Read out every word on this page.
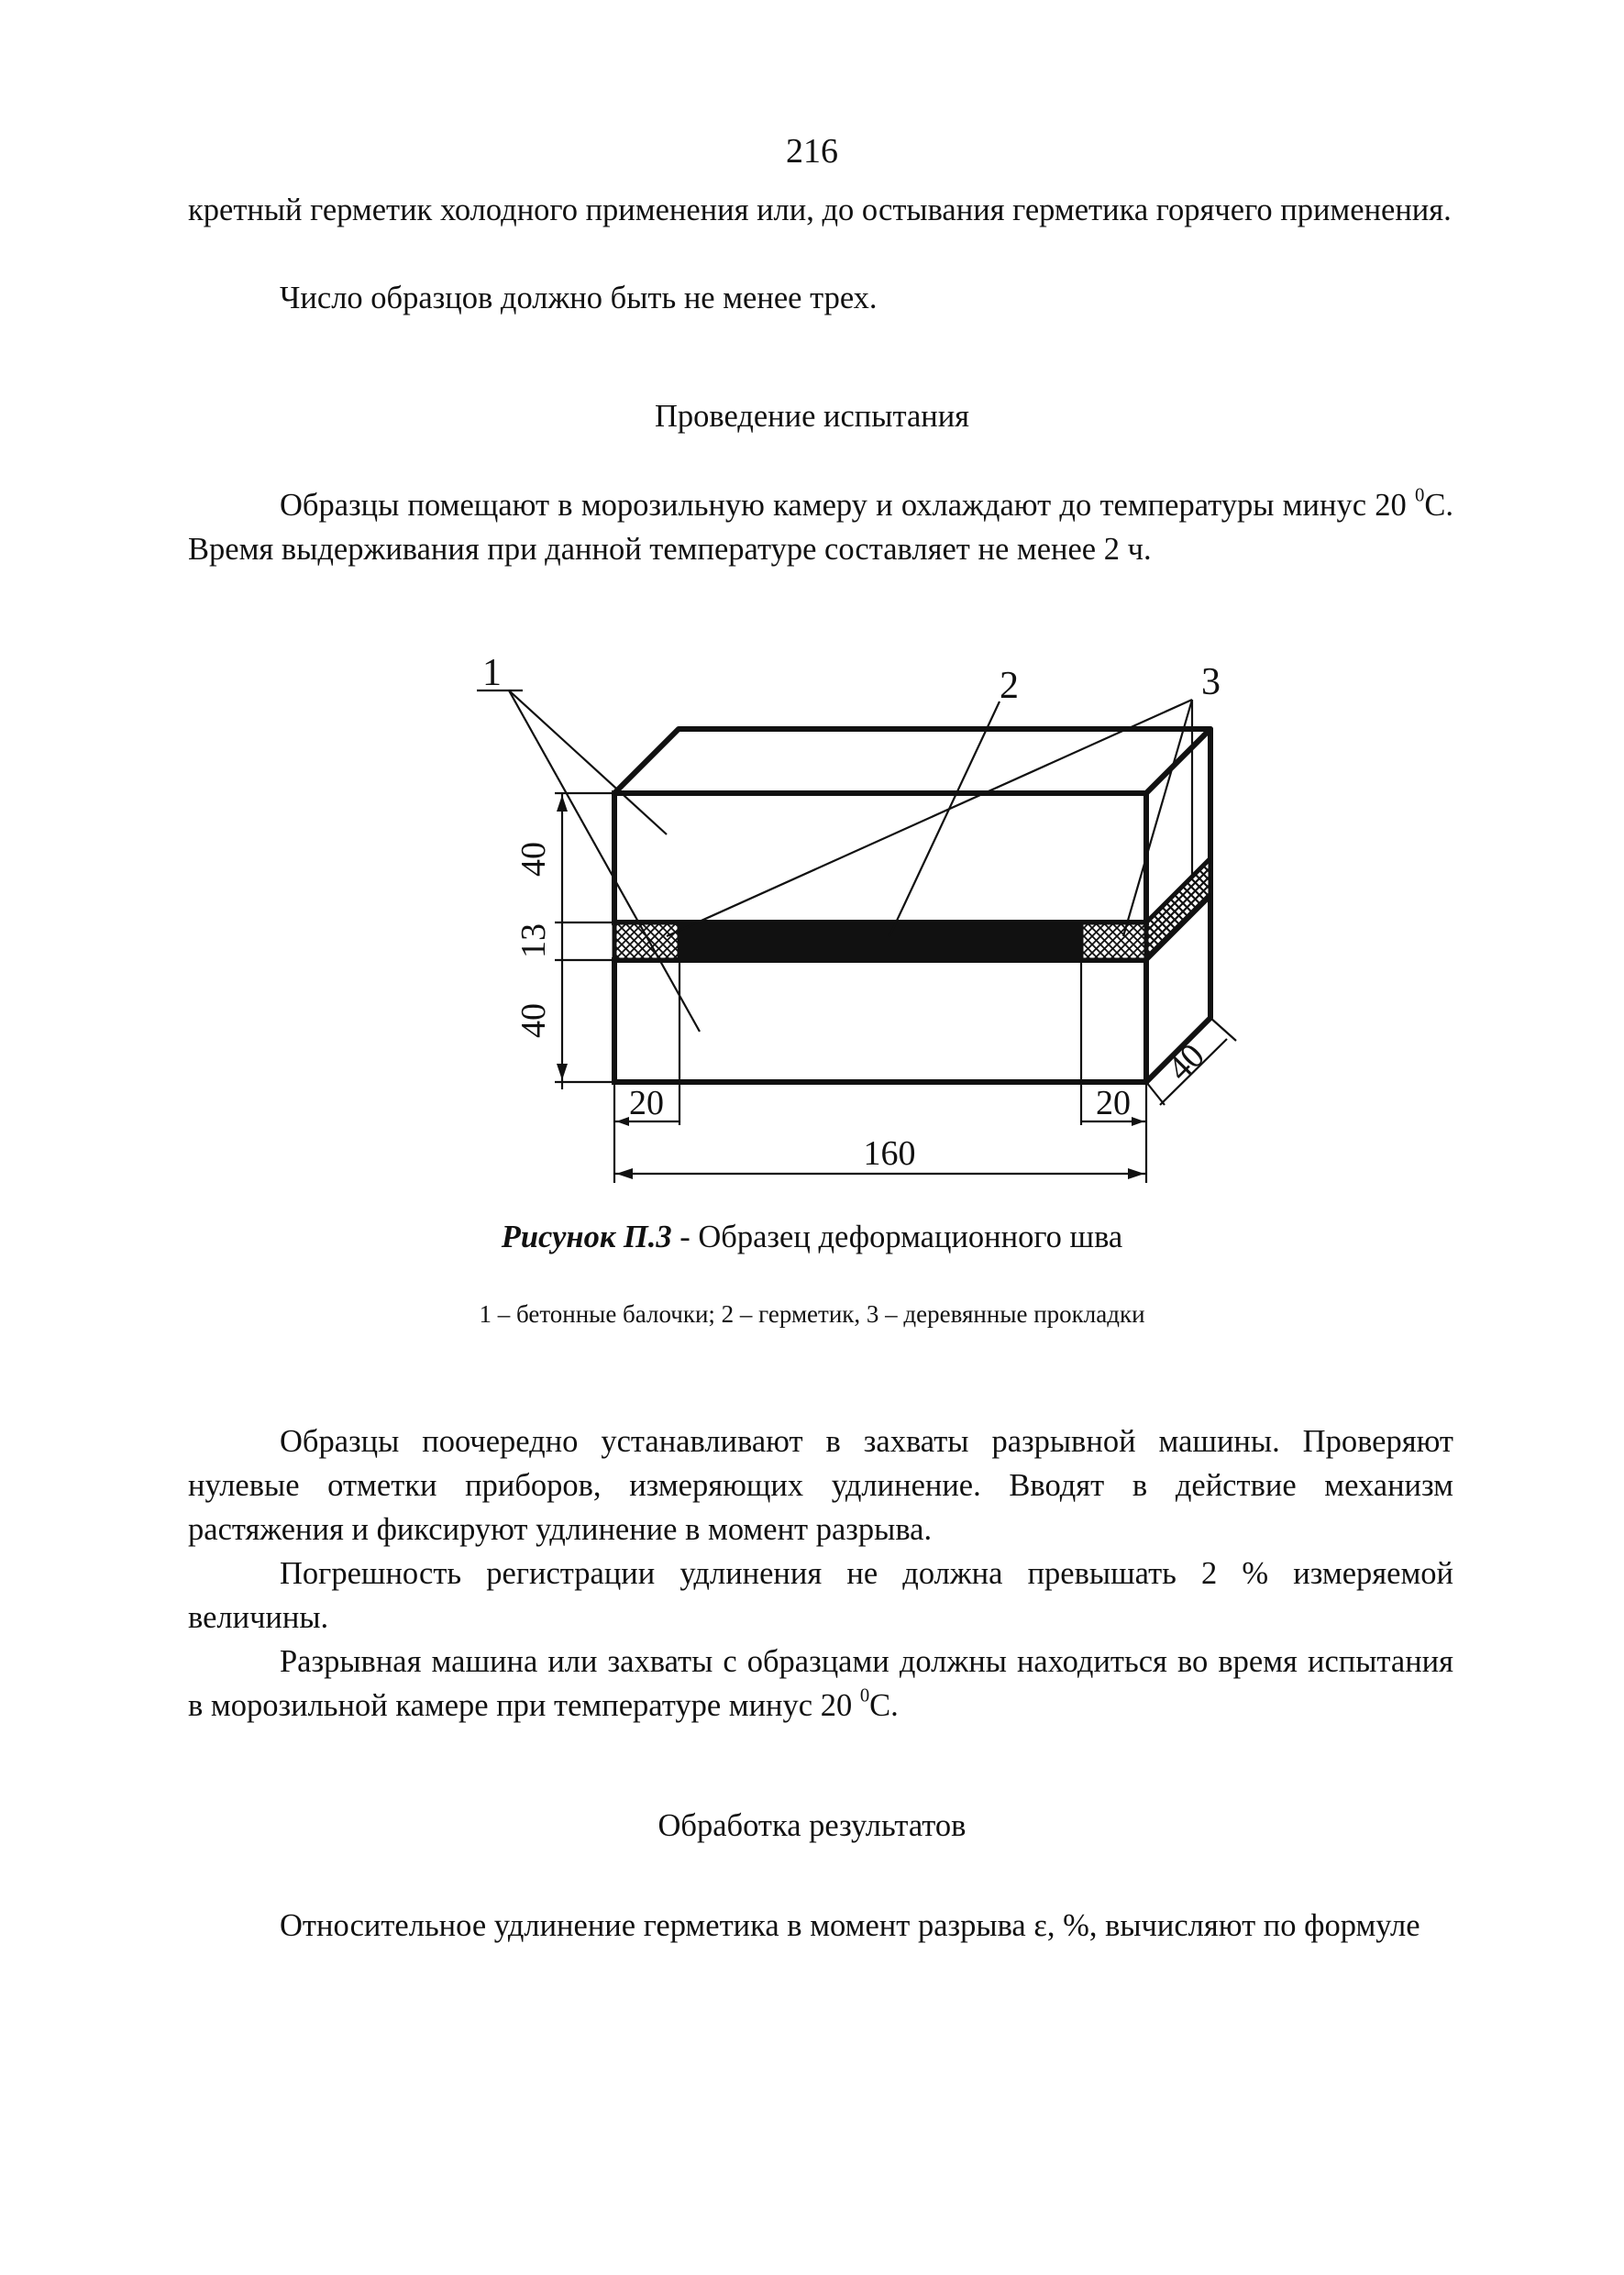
216

кретный герметик холодного применения или, до остывания герметика горячего применения.

Число образцов должно быть не менее трех.

Проведение испытания

Образцы помещают в морозильную камеру и охлаждают до температуры минус 20 $^0$С. Время выдерживания при данной температуре составляет не менее 2 ч.

1	2	3
40
13
40
20	20
160
40
Рисунок П.3 - Образец деформационного шва
1 – бетонные балочки; 2 – герметик, 3 – деревянные прокладки

Образцы поочередно устанавливают в захваты разрывной машины. Проверяют нулевые отметки приборов, измеряющих удлинение. Вводят в действие механизм растяжения и фиксируют удлинение в момент разрыва.

Погрешность регистрации удлинения не должна превышать 2 % измеряемой величины.

Разрывная машина или захваты с образцами должны находиться во время испытания в морозильной камере при температуре минус 20 $^0$С.

Обработка результатов

Относительное удлинение герметика в момент разрыва ε, %, вычисляют по формуле
